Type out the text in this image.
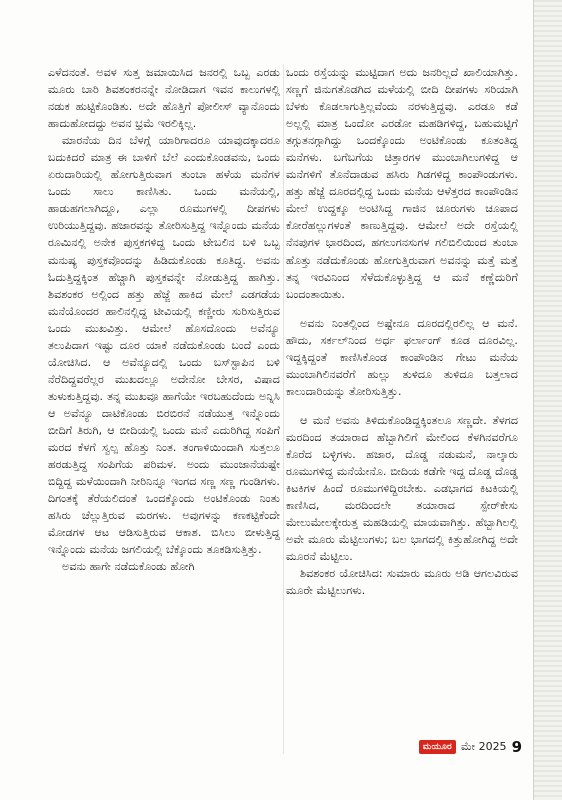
ಎಳೆದನಂತೆ. ಅವಳ ಸುತ್ತ ಜಮಾಯಿಸಿದ ಜನರಲ್ಲಿ ಒಬ್ಬ ಎರಡು ಮೂರು ಬಾರಿ ಶಿವಶಂಕರನನ್ನೇ ನೋಡಿದಾಗ ಇವನ ಕಾಲುಗಳಲ್ಲಿ ನಡುಕ ಹುಟ್ಟಿಕೊಂಡಿತು. ಅದೇ ಹೊತ್ತಿಗೆ ಪೋಲೀಸ್ ವ್ಯಾನೊಂದು ಹಾದುಹೋದದ್ದು ಅವನ ಭ್ರಮೆ ಇರಲಿಕ್ಕಿಲ್ಲ.

ಮಾರನೆಯ ದಿನ ಬೆಳಗ್ಗೆ ಯಾರಿಗಾದರೂ ಯಾವುದಕ್ಕಾದರೂ ಬದುಕಿದರೆ ಮಾತ್ರ ಈ ಬಾಳಿಗೆ ಬೆಲೆ ಎಂದುಕೊಂಡವನು, ಒಂದು ಏರುದಾರಿಯಲ್ಲಿ ಹೋಗುತ್ತಿರುವಾಗ ತುಂಬಾ ಹಳೆಯ ಮನೆಗಳ ಒಂದು ಸಾಲು ಕಾಣಿಸಿತು. ಒಂದು ಮನೆಯಲ್ಲಿ, ಹಾಡುಹಗಲಾಗಿದ್ದೂ, ಎಲ್ಲಾ ರೂಮುಗಳಲ್ಲಿ ದೀಪಗಳು ಉರಿಯುತ್ತಿದ್ದವು. ಹಜಾರವನ್ನು ತೋರಿಸುತ್ತಿದ್ದ ಇನ್ನೊಂದು ಮನೆಯ ರೂಮಿನಲ್ಲಿ ಅನೇಕ ಪುಸ್ತಕಗಳಿದ್ದ ಒಂದು ಟೇಬಲಿನ ಬಳಿ ಒಬ್ಬ ಮನುಷ್ಯ ಪುಸ್ತಕವೊಂದನ್ನು ಹಿಡಿದುಕೊಂಡು ಕೂತಿದ್ದ. ಅವನು ಓದುತ್ತಿದ್ದಕ್ಕಿಂತ ಹೆಚ್ಚಾಗಿ ಪುಸ್ತಕವನ್ನೇ ನೋಡುತ್ತಿದ್ದ ಹಾಗಿತ್ತು. ಶಿವಶಂಕರ ಅಲ್ಲಿಂದ ಹತ್ತು ಹೆಜ್ಜೆ ಹಾಕಿದ ಮೇಲೆ ಎಡಗಡೆಯ ಮನೆಯೊಂದರ ಹಾಲಿನಲ್ಲಿದ್ದ ಟೀವಿಯಲ್ಲಿ ಕಣ್ಣೀರು ಸುರಿಸುತ್ತಿರುವ ಒಂದು ಮುಖವಿತ್ತು. ಆಮೇಲೆ ಹೊಸದೊಂದು ಅವೆನ್ಯೂ ತಲುಪಿದಾಗ ಇಷ್ಟು ದೂರ ಯಾಕೆ ನಡೆದುಕೊಂಡು ಬಂದೆ ಎಂದು ಯೋಚಿಸಿದ. ಆ ಅವೆನ್ಯೂದಲ್ಲಿ ಒಂದು ಬಸ್‌ಸ್ಟಾಪಿನ ಬಳಿ ನೆರೆದಿದ್ದವರೆಲ್ಲರ ಮುಖದಲ್ಲೂ ಅದೇನೋ ಬೇಸರ, ವಿಷಾದ ತುಳುಕುತ್ತಿದ್ದವು. ತನ್ನ ಮುಖವೂ ಹಾಗೆಯೇ ಇರಬಹುದೆಂದು ಅನ್ನಿಸಿ ಆ ಅವೆನ್ಯೂ ದಾಟಿಕೊಂಡು ಬಿರಬಿರನೆ ನಡೆಯುತ್ತ ಇನ್ನೊಂದು ಬೀದಿಗೆ ತಿರುಗಿ, ಆ ಬೀದಿಯಲ್ಲಿ ಒಂದು ಮನೆ ಎದುರಿಗಿದ್ದ ಸಂಪಿಗೆ ಮರದ ಕೆಳಗೆ ಸ್ವಲ್ಪ ಹೊತ್ತು ನಿಂತ. ತಂಗಾಳಿಯಿಂದಾಗಿ ಸುತ್ತಲೂ ಹರಡುತ್ತಿದ್ದ ಸಂಪಿಗೆಯ ಪರಿಮಳ. ಅಂದು ಮುಂಜಾನೆಯಷ್ಟೇ ಬಿದ್ದಿದ್ದ ಮಳೆಯಿಂದಾಗಿ ನೀರಿನಿನ್ನೂ ಇಂಗದ ಸಣ್ಣ ಸಣ್ಣ ಗುಂಡಿಗಳು. ದಿಗಂತಕ್ಕೆ ತೆರೆಯಲಿದಂತೆ ಒಂದಕ್ಕೊಂದು ಅಂಟಿಕೊಂಡು ನಿಂತು ಹಸಿರು ಚೆಲ್ಲುತ್ತಿರುವ ಮರಗಳು. ಅವುಗಳನ್ನು ಕಣಕಟ್ಟಿಕೆಂದೇ ಮೋಡಗಳ ಆಟ ಆಡಿಸುತ್ತಿರುವ ಆಕಾಶ. ಬಿಸಿಲು ಬೀಳುತ್ತಿದ್ದ ಇನ್ನೊಂದು ಮನೆಯ ಜಗಲಿಯಲ್ಲಿ ಬೆಕ್ಕೊಂದು ತೂಕಡಿಸುತ್ತಿತ್ತು.

ಅವನು ಹಾಗೇ ನಡೆದುಕೊಂಡು ಹೋಗಿ

ಒಂದು ರಸ್ತೆಯನ್ನು ಮುಟ್ಟಿದಾಗ ಅದು ಜನರಿಲ್ಲದೆ ಖಾಲಿಯಾಗಿತ್ತು. ಸಣ್ಣಗೆ ಜಿನುಗತೊಡಗಿದ ಮಳೆಯಲ್ಲಿ ಬೀದಿ ದೀಪಗಳು ಸರಿಯಾಗಿ ಬೆಳಕು ಕೊಡಲಾಗುತ್ತಿಲ್ಲವೆಂದು ನರಳುತ್ತಿದ್ದವು. ಎರಡೂ ಕಡೆ ಅಲ್ಲಲ್ಲಿ ಮಾತ್ರ ಒಂದೋ ಎರಡೋ ಮಹಡಿಗಳಿದ್ದ, ಬಹುಮಟ್ಟಿಗೆ ತಗ್ಗುತನಗ್ಗಾಗಿದ್ದು ಒಂದಕ್ಕೊಂದು ಅಂಟಿಕೊಂಡು ಕೂತಂತಿದ್ದ ಮನೆಗಳು. ಬಗೆಬಗೆಯ ಚಿತ್ತಾರಗಳ ಮುಂಬಾಗಿಲುಗಳಿದ್ದ ಆ ಮನೆಗಳಿಗೆ ತೊನೆದಾಡುವ ಹಸಿರು ಗಿಡಗಳಿದ್ದ ಕಾಂಪೌಂಡುಗಳು. ಹತ್ತು ಹೆಜ್ಜೆ ದೂರದಲ್ಲಿದ್ದ ಒಂದು ಮನೆಯ ಆಳೆತ್ತರದ ಕಾಂಪೌಂಡಿನ ಮೇಲೆ ಉದ್ದಕ್ಕೂ ಅಂಟಿಸಿದ್ದ ಗಾಜಿನ ಚೂರುಗಳು ಚೂಪಾದ ಕೋರೆಹಲ್ಲುಗಳಂತೆ ಕಾಣುತ್ತಿದ್ದವು. ಆಮೇಲೆ ಅದೇ ರಸ್ತೆಯಲ್ಲಿ ನೆನಪುಗಳ ಭಾರದಿಂದ, ಹಗಲುಗನಸುಗಳ ಗಲಿಬಿಲಿಯಿಂದ ತುಂಬಾ ಹೊತ್ತು ನಡೆದುಕೊಂಡು ಹೋಗುತ್ತಿರುವಾಗ ಅವನನ್ನು ಮತ್ತೆ ಮತ್ತೆ ತನ್ನ ಇರವಿನಿಂದ ಸೆಳೆದುಕೊಳ್ಳುತ್ತಿದ್ದ ಆ ಮನೆ ಕಣ್ಣೆದುರಿಗೆ ಬಂದಂತಾಯಿತು.

ಅವನು ನಿಂತಲ್ಲಿಂದ ಅಷ್ಟೇನೂ ದೂರದಲ್ಲಿರಲಿಲ್ಲ ಆ ಮನೆ. ಹೌದು, ಸರ್ಕಲ್‌ನಿಂದ ಅರ್ಧ ಫರ್ಲಾಂಗ್ ಕೂಡ ದೂರವಿಲ್ಲ. ಇದ್ದಕ್ಕಿದ್ದಂತೆ ಕಾಣಿಸಿಕೊಂಡ ಕಾಂಪೌಂಡಿನ ಗೇಟು ಮನೆಯ ಮುಂಬಾಗಿಲಿನವರೆಗೆ ಹುಲ್ಲು ತುಳಿದೂ ತುಳಿದೂ ಬತ್ತಲಾದ ಕಾಲುದಾರಿಯನ್ನು ತೋರಿಸುತ್ತಿತ್ತು.

ಆ ಮನೆ ಅವನು ತಿಳಿದುಕೊಂಡಿದ್ದಕ್ಕಿಂತಲೂ ಸಣ್ಣದೇ. ತೆಳಗದ ಮರದಿಂದ ತಯಾರಾದ ಹೆಬ್ಬಾಗಿಲಿಗೆ ಮೇಲಿಂದ ಕೆಳಗಿನವರೆಗೂ ಕೊರೆದ ಬಳ್ಳಿಗಳು. ಹಜಾರ, ದೊಡ್ಡ ನಡುಮನೆ, ನಾಲ್ಕಾರು ರೂಮುಗಳಿದ್ದ ಮನೆಯೇನೊ. ಬೀದಿಯ ಕಡೆಗೇ ಇದ್ದ ದೊಡ್ಡ ದೊಡ್ಡ ಕಿಟಕಿಗಳ ಹಿಂದೆ ರೂಮುಗಳಿದ್ದಿರಬೇಕು. ಎಡಭಾಗದ ಕಿಟಕಿಯಲ್ಲಿ ಕಾಣಿಸಿದ, ಮರದಿಂದಲೇ ತಯಾರಾದ ಸ್ಪೇರ್‌ಕೇಸು ಮೇಲುಮೇಲಕ್ಕೇರುತ್ತ ಮಹಡಿಯಲ್ಲಿ ಮಾಯವಾಗಿತ್ತು. ಹೆಬ್ಬಾಗಿಲಲ್ಲಿ ಅವೇ ಮೂರು ಮೆಟ್ಟಿಲುಗಳು; ಬಲ ಭಾಗದಲ್ಲಿ ಕಿತ್ತುಹೋಗಿದ್ದ ಅದೇ ಮೂರನೆ ಮೆಟ್ಟಿಲು.

ಶಿವಶಂಕರ ಯೋಚಿಸಿದ: ಸುಮಾರು ಮೂರು ಅಡಿ ಆಗಲವಿರುವ ಮೂರೇ ಮೆಟ್ಟಿಲುಗಳು.

ಮಯೂರ ಮೇ 2025 9
